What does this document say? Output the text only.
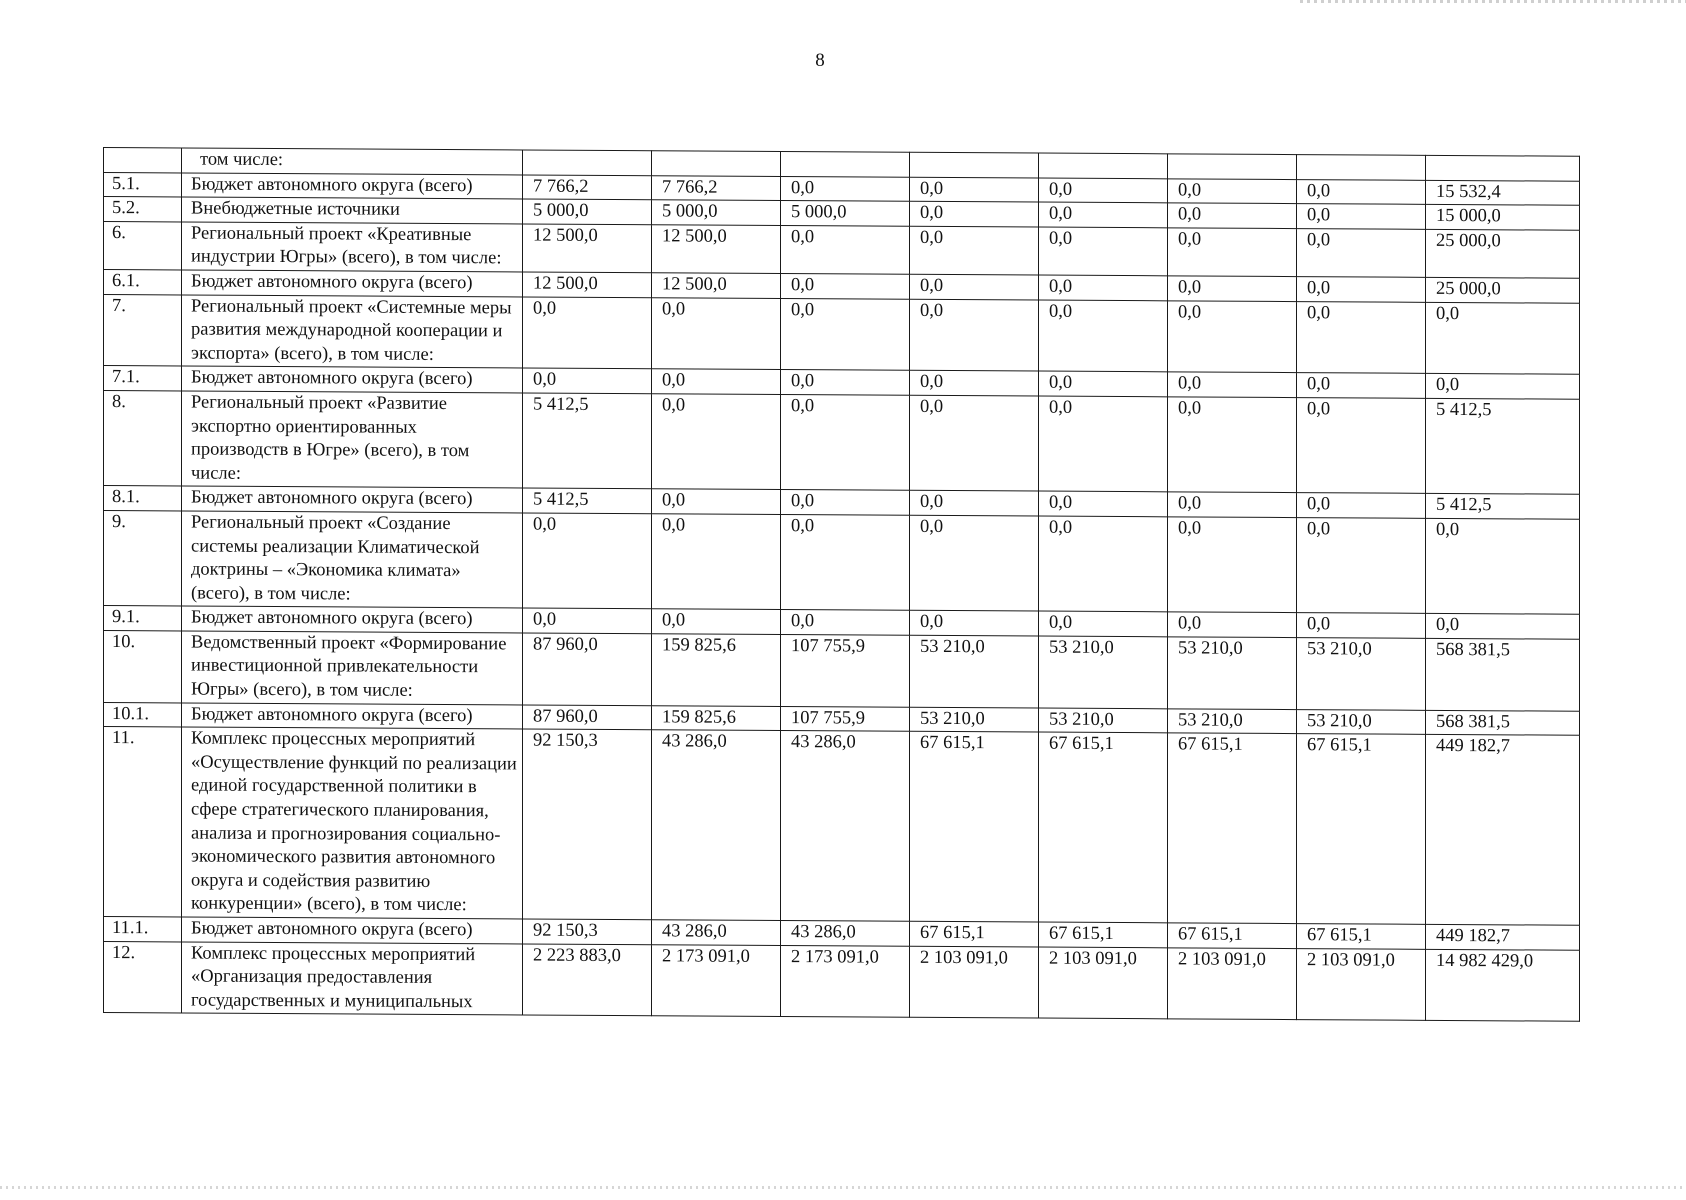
8
	том числе:								
5.1.	Бюджет автономного округа (всего)	7 766,2	7 766,2	0,0	0,0	0,0	0,0	0,0	15 532,4
5.2.	Внебюджетные источники	5 000,0	5 000,0	5 000,0	0,0	0,0	0,0	0,0	15 000,0
6.	Региональный проект «Креативные индустрии Югры» (всего), в том числе:	12 500,0	12 500,0	0,0	0,0	0,0	0,0	0,0	25 000,0
6.1.	Бюджет автономного округа (всего)	12 500,0	12 500,0	0,0	0,0	0,0	0,0	0,0	25 000,0
7.	Региональный проект «Системные меры развития международной кооперации и экспорта» (всего), в том числе:	0,0	0,0	0,0	0,0	0,0	0,0	0,0	0,0
7.1.	Бюджет автономного округа (всего)	0,0	0,0	0,0	0,0	0,0	0,0	0,0	0,0
8.	Региональный проект «Развитие экспортно ориентированных производств в Югре» (всего), в том числе:	5 412,5	0,0	0,0	0,0	0,0	0,0	0,0	5 412,5
8.1.	Бюджет автономного округа (всего)	5 412,5	0,0	0,0	0,0	0,0	0,0	0,0	5 412,5
9.	Региональный проект «Создание системы реализации Климатической доктрины – «Экономика климата» (всего), в том числе:	0,0	0,0	0,0	0,0	0,0	0,0	0,0	0,0
9.1.	Бюджет автономного округа (всего)	0,0	0,0	0,0	0,0	0,0	0,0	0,0	0,0
10.	Ведомственный проект «Формирование инвестиционной привлекательности Югры» (всего), в том числе:	87 960,0	159 825,6	107 755,9	53 210,0	53 210,0	53 210,0	53 210,0	568 381,5
10.1.	Бюджет автономного округа (всего)	87 960,0	159 825,6	107 755,9	53 210,0	53 210,0	53 210,0	53 210,0	568 381,5
11.	Комплекс процессных мероприятий «Осуществление функций по реализации единой государственной политики в сфере стратегического планирования, анализа и прогнозирования социально-экономического развития автономного округа и содействия развитию конкуренции» (всего), в том числе:	92 150,3	43 286,0	43 286,0	67 615,1	67 615,1	67 615,1	67 615,1	449 182,7
11.1.	Бюджет автономного округа (всего)	92 150,3	43 286,0	43 286,0	67 615,1	67 615,1	67 615,1	67 615,1	449 182,7
12.	Комплекс процессных мероприятий «Организация предоставления государственных и муниципальных	2 223 883,0	2 173 091,0	2 173 091,0	2 103 091,0	2 103 091,0	2 103 091,0	2 103 091,0	14 982 429,0
